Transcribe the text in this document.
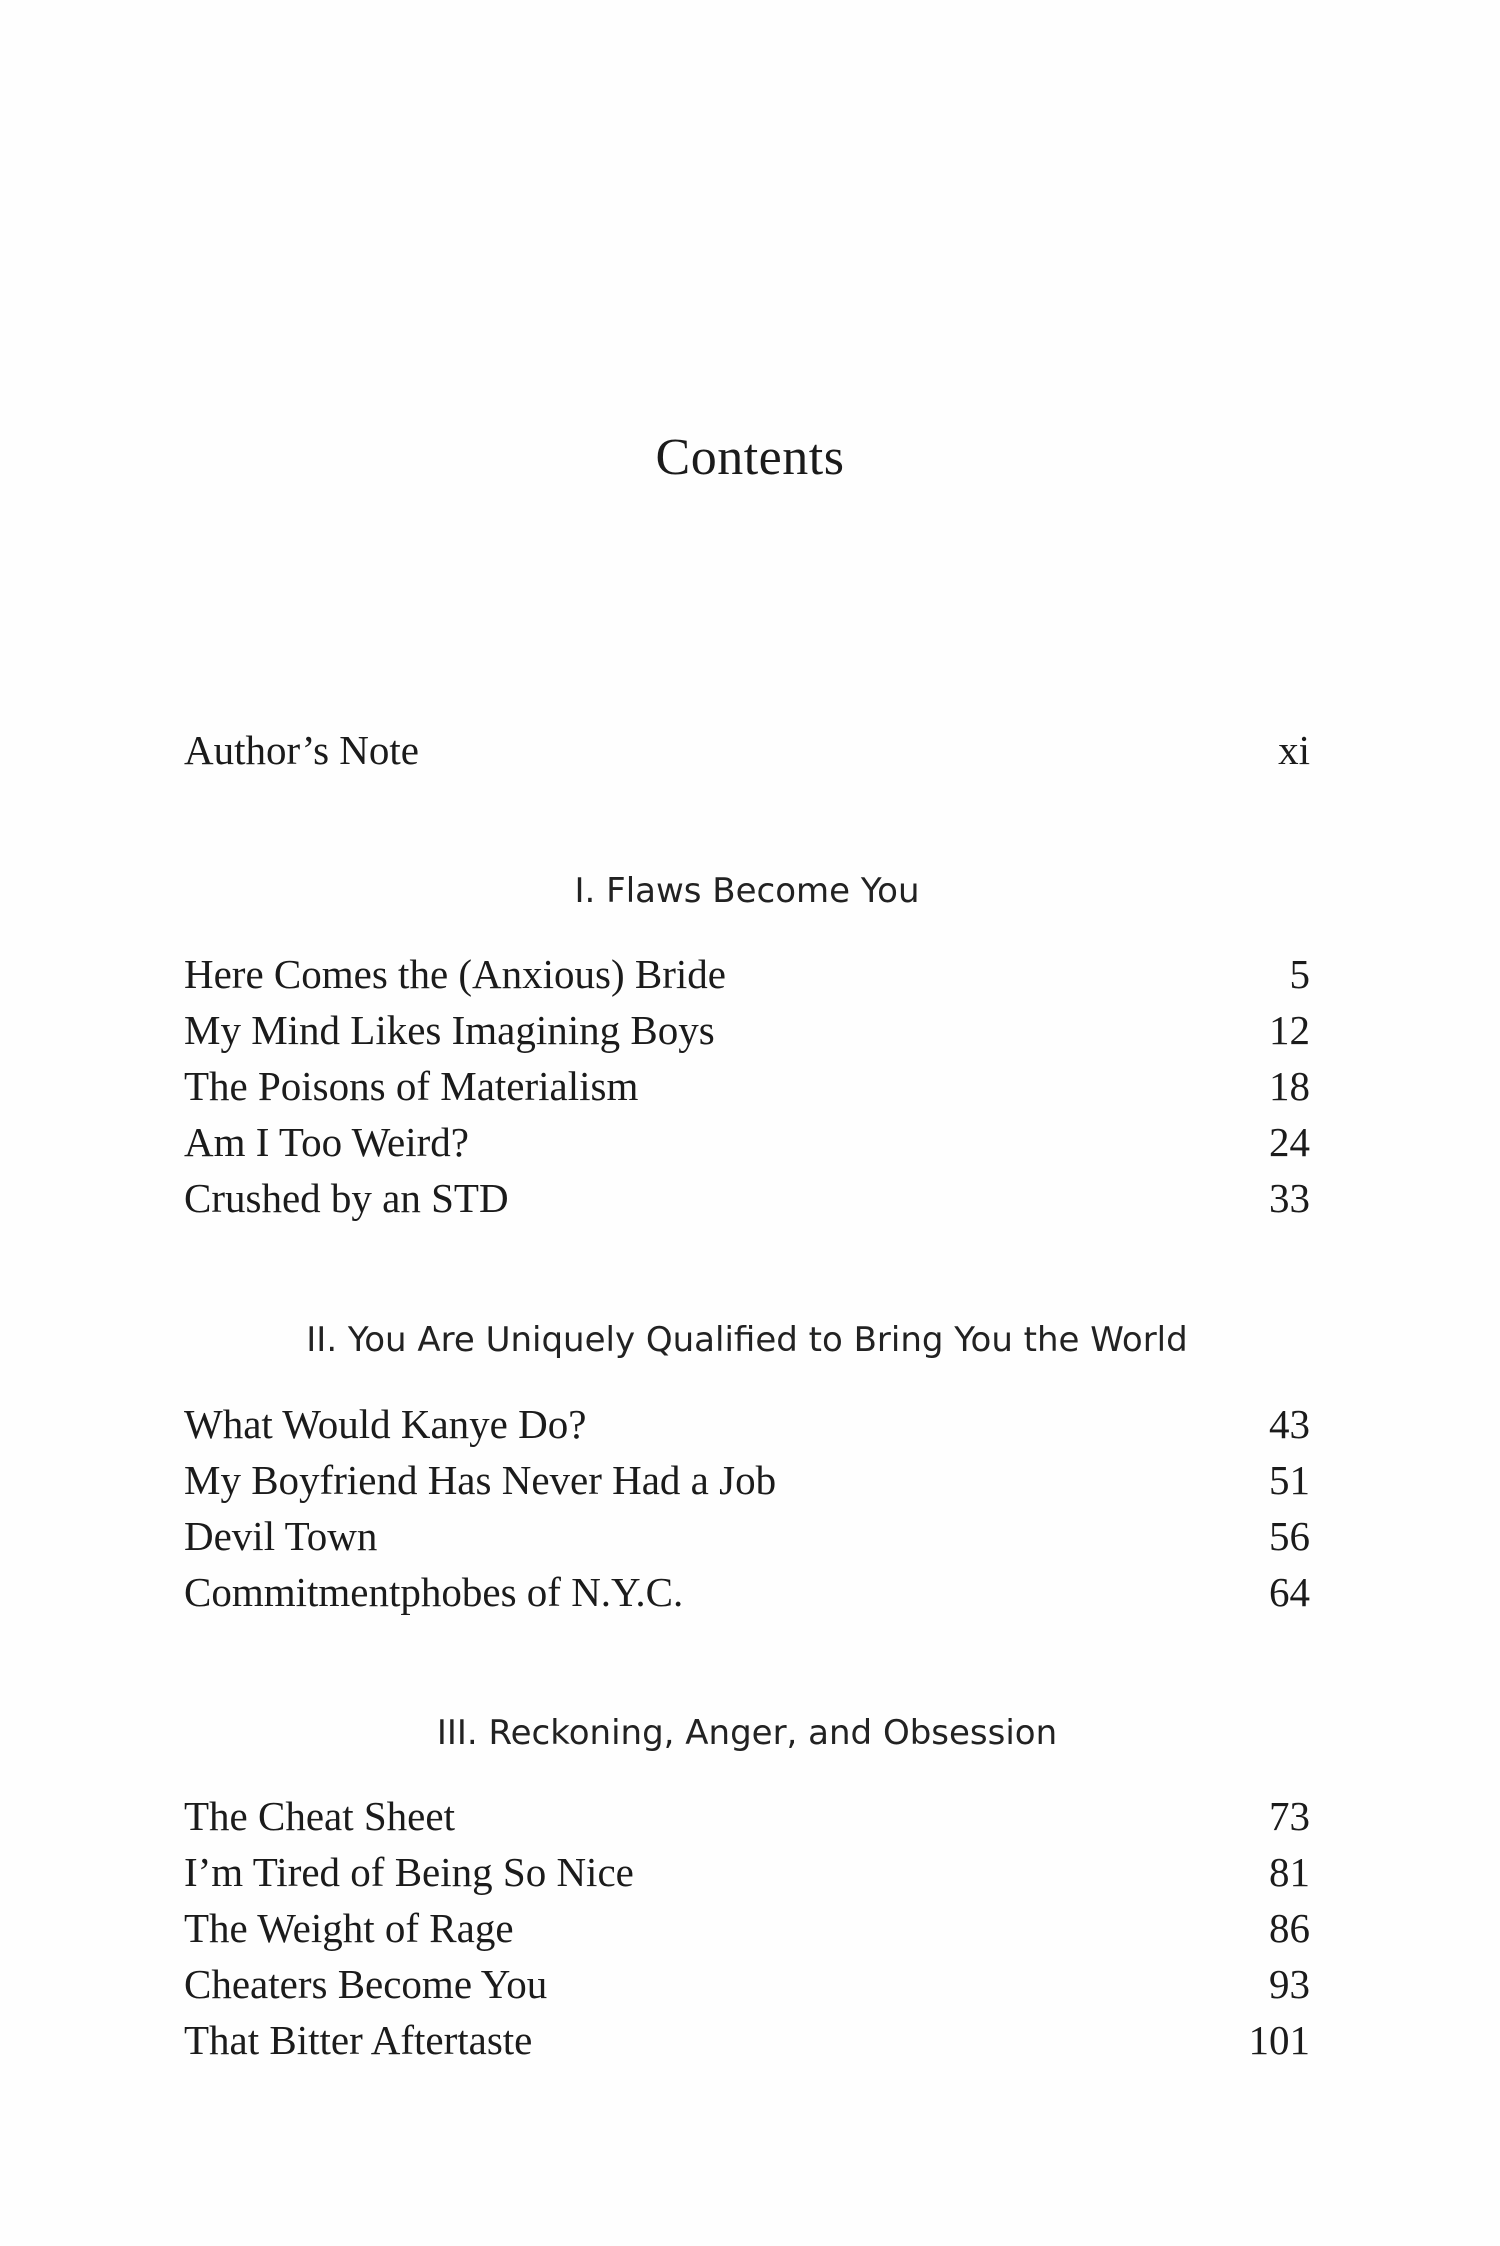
Contents
Author’s Note	xi
I. Flaws Become You
Here Comes the (Anxious) Bride	5
My Mind Likes Imagining Boys	12
The Poisons of Materialism	18
Am I Too Weird?	24
Crushed by an STD	33
II. You Are Uniquely Qualified to Bring You the World
What Would Kanye Do?	43
My Boyfriend Has Never Had a Job	51
Devil Town	56
Commitmentphobes of N.Y.C.	64
III. Reckoning, Anger, and Obsession
The Cheat Sheet	73
I’m Tired of Being So Nice	81
The Weight of Rage	86
Cheaters Become You	93
That Bitter Aftertaste	101
